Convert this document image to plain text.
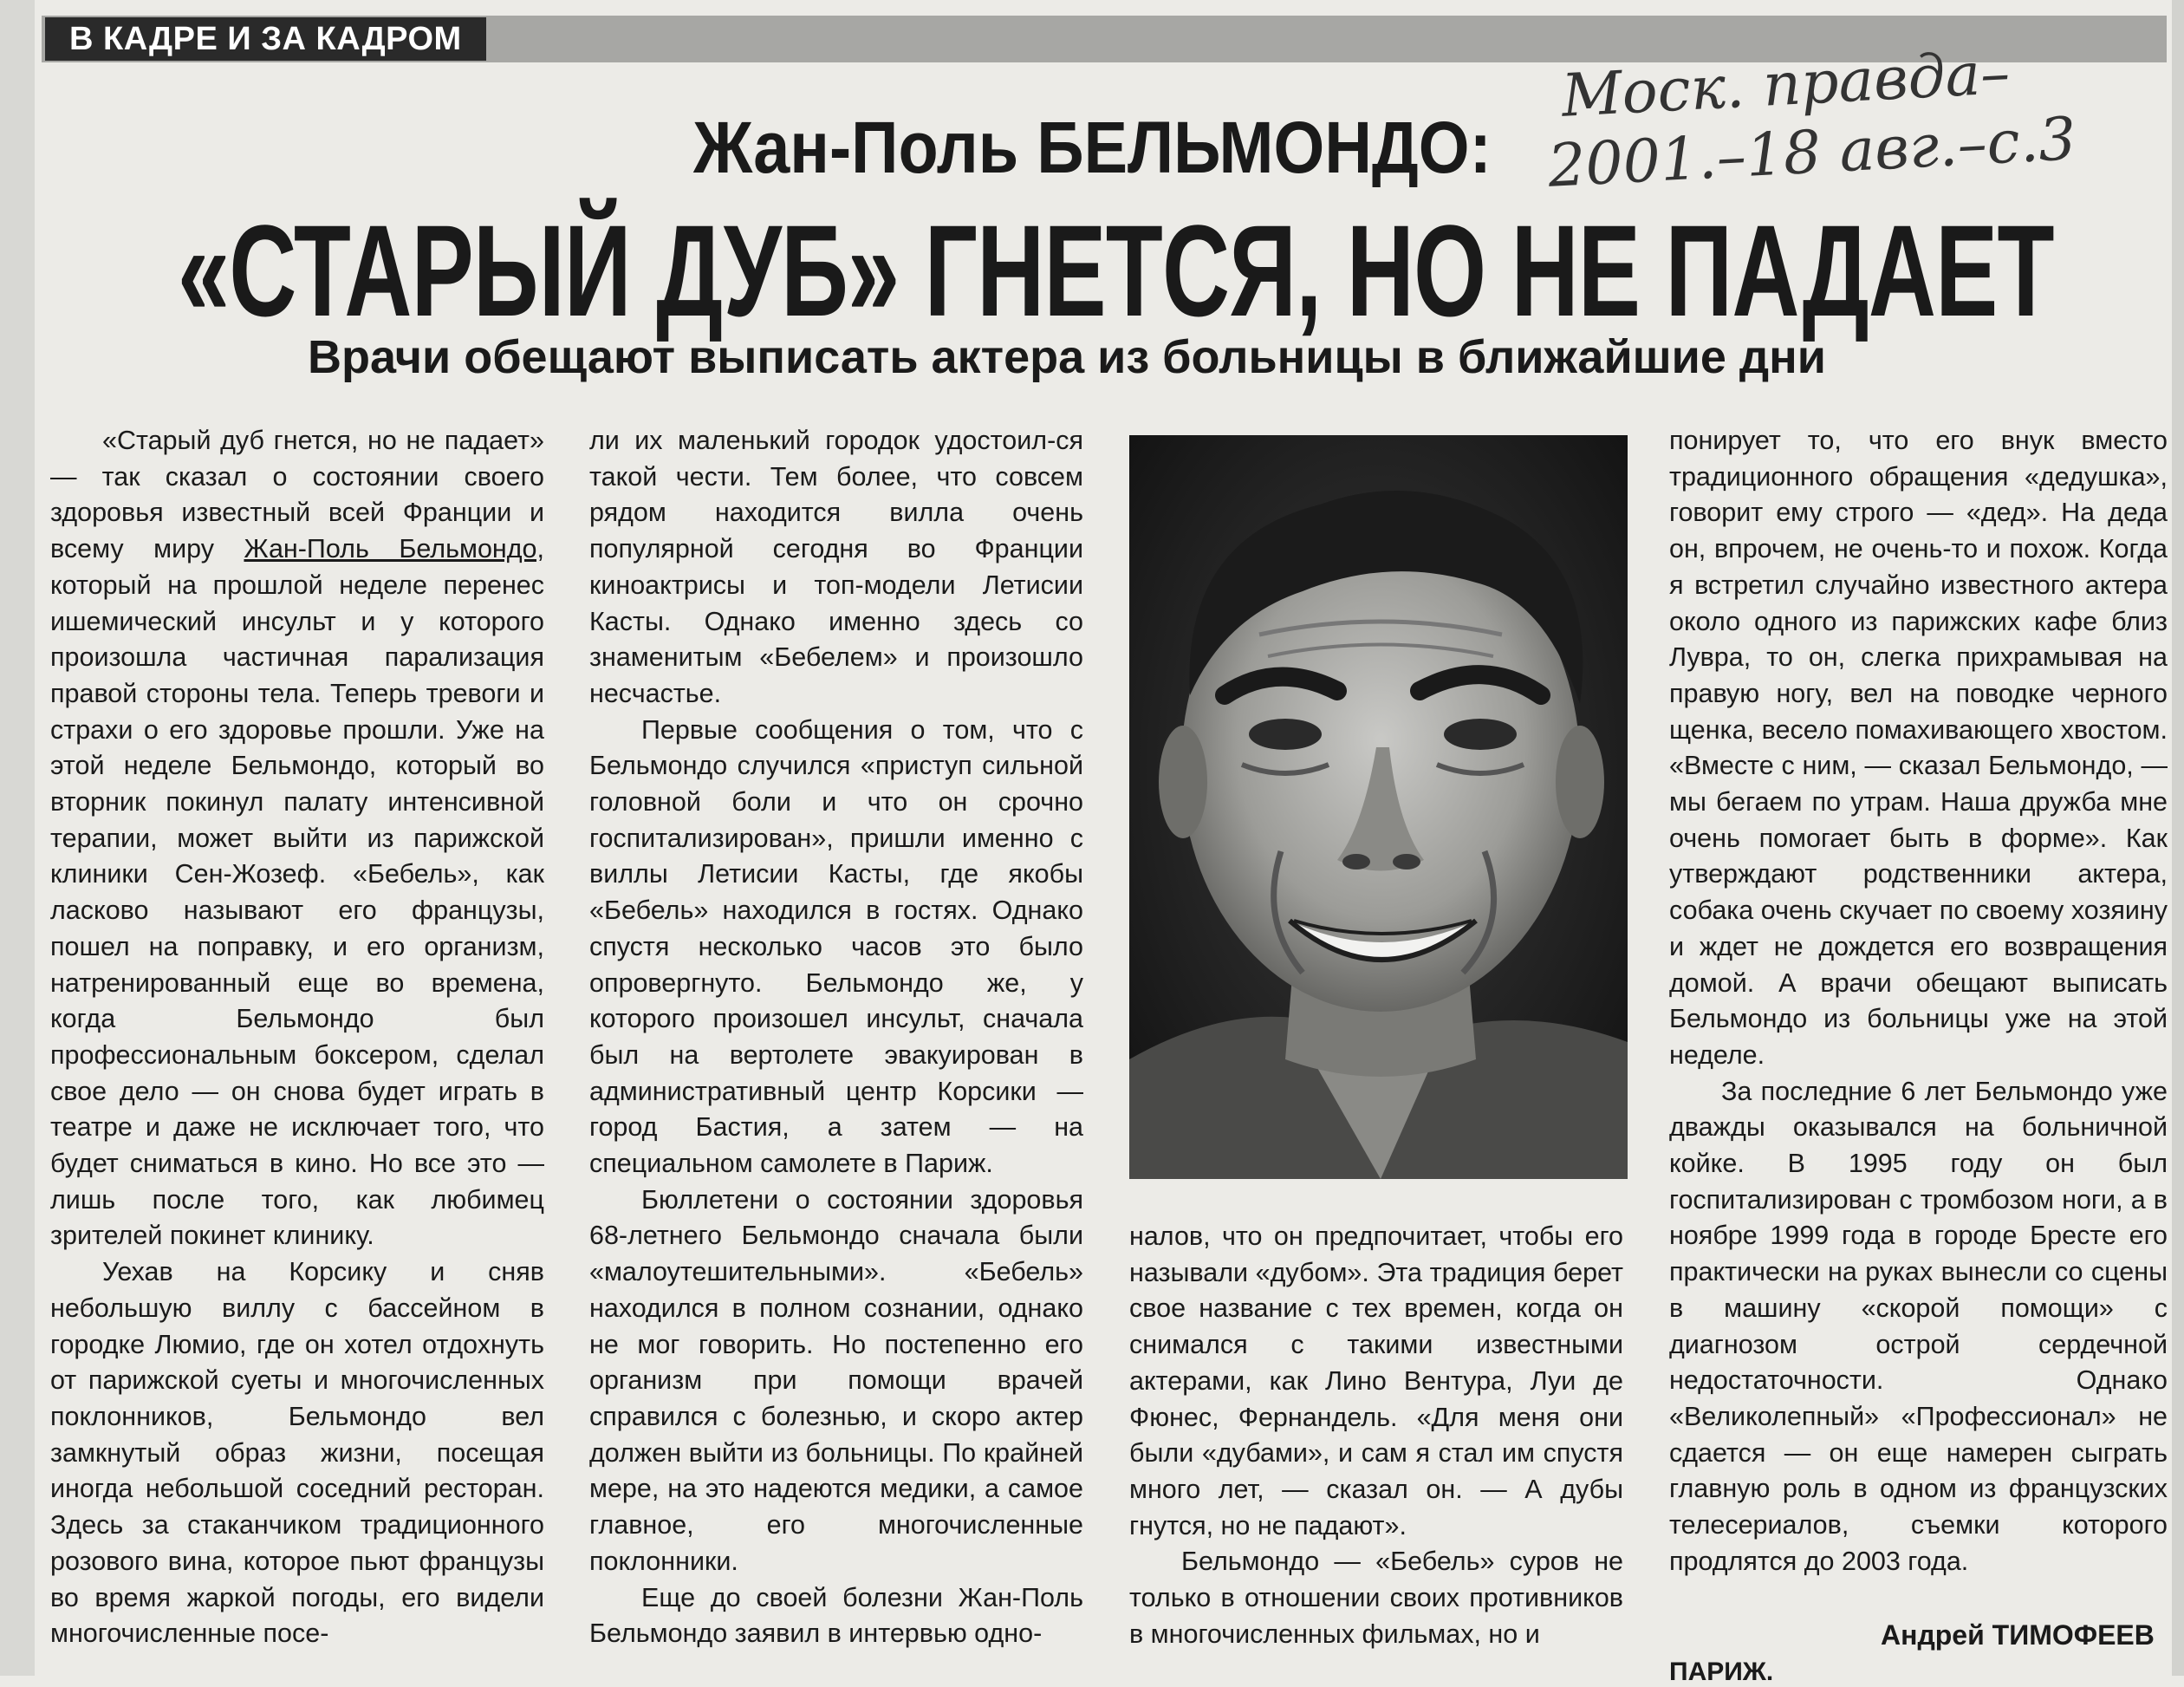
В КАДРЕ И ЗА КАДРОМ	Моск. правда–
2001.–18 авг.–с.3
Жан-Поль БЕЛЬМОНДО:
«СТАРЫЙ ДУБ» ГНЕТСЯ, НО НЕ ПАДАЕТ
Врачи обещают выписать актера из больницы в ближайшие дни

«Старый дуб гнется, но не падает» — так сказал о состоянии своего здоровья известный всей Франции и всему миру Жан-Поль Бельмондо, который на прошлой неделе перенес ишемический инсульт и у которого произошла частичная парализация правой стороны тела. Теперь тревоги и страхи о его здоровье прошли. Уже на этой неделе Бельмондо, который во вторник покинул палату интенсивной терапии, может выйти из парижской клиники Сен-Жозеф. «Бебель», как ласково называют его французы, пошел на поправку, и его организм, натренированный еще во времена, когда Бельмондо был профессиональным боксером, сделал свое дело — он снова будет играть в театре и даже не исключает того, что будет сниматься в кино. Но все это — лишь после того, как любимец зрителей покинет клинику.

Уехав на Корсику и сняв небольшую виллу с бассейном в городке Люмио, где он хотел отдохнуть от парижской суеты и многочисленных поклонников, Бельмондо вел замкнутый образ жизни, посещая иногда небольшой соседний ресторан. Здесь за стаканчиком традиционного розового вина, которое пьют французы во время жаркой погоды, его видели многочисленные посе-

ли их маленький городок удостоил-ся такой чести. Тем более, что совсем рядом находится вилла очень популярной сегодня во Франции киноактрисы и топ-модели Летисии Касты. Однако именно здесь со знаменитым «Бебелем» и произошло несчастье.

Первые сообщения о том, что с Бельмондо случился «приступ сильной головной боли и что он срочно госпитализирован», пришли именно с виллы Летисии Касты, где якобы «Бебель» находился в гостях. Однако спустя несколько часов это было опровергнуто. Бельмондо же, у которого произошел инсульт, сначала был на вертолете эвакуирован в административный центр Корсики — город Бастия, а затем — на специальном самолете в Париж.

Бюллетени о состоянии здоровья 68-летнего Бельмондо сначала были «малоутешительными». «Бебель» находился в полном сознании, однако не мог говорить. Но постепенно его организм при помощи врачей справился с болезнью, и скоро актер должен выйти из больницы. По крайней мере, на это надеются медики, а самое главное, его многочисленные поклонники.

Еще до своей болезни Жан-Поль Бельмондо заявил в интервью одно-

налов, что он предпочитает, чтобы его называли «дубом». Эта традиция берет свое название с тех времен, когда он снимался с такими известными актерами, как Лино Вентура, Луи де Фюнес, Фернандель. «Для меня они были «дубами», и сам я стал им спустя много лет, — сказал он. — А дубы гнутся, но не падают».

Бельмондо — «Бебель» суров не только в отношении своих противников в многочисленных фильмах, но и

понирует то, что его внук вместо традиционного обращения «дедушка», говорит ему строго — «дед». На деда он, впрочем, не очень-то и похож. Когда я встретил случайно известного актера около одного из парижских кафе близ Лувра, то он, слегка прихрамывая на правую ногу, вел на поводке черного щенка, весело помахивающего хвостом. «Вместе с ним, — сказал Бельмондо, — мы бегаем по утрам. Наша дружба мне очень помогает быть в форме». Как утверждают родственники актера, собака очень скучает по своему хозяину и ждет не дождется его возвращения домой. А врачи обещают выписать Бельмондо из больницы уже на этой неделе.

За последние 6 лет Бельмондо уже дважды оказывался на больничной койке. В 1995 году он был госпитализирован с тромбозом ноги, а в ноябре 1999 года в городе Бресте его практически на руках вынесли со сцены в машину «скорой помощи» с диагнозом острой сердечной недостаточности. Однако «Великолепный» «Профессионал» не сдается — он еще намерен сыграть главную роль в одном из французских телесериалов, съемки которого продлятся до 2003 года.

Андрей ТИМОФЕЕВ
ПАРИЖ.
